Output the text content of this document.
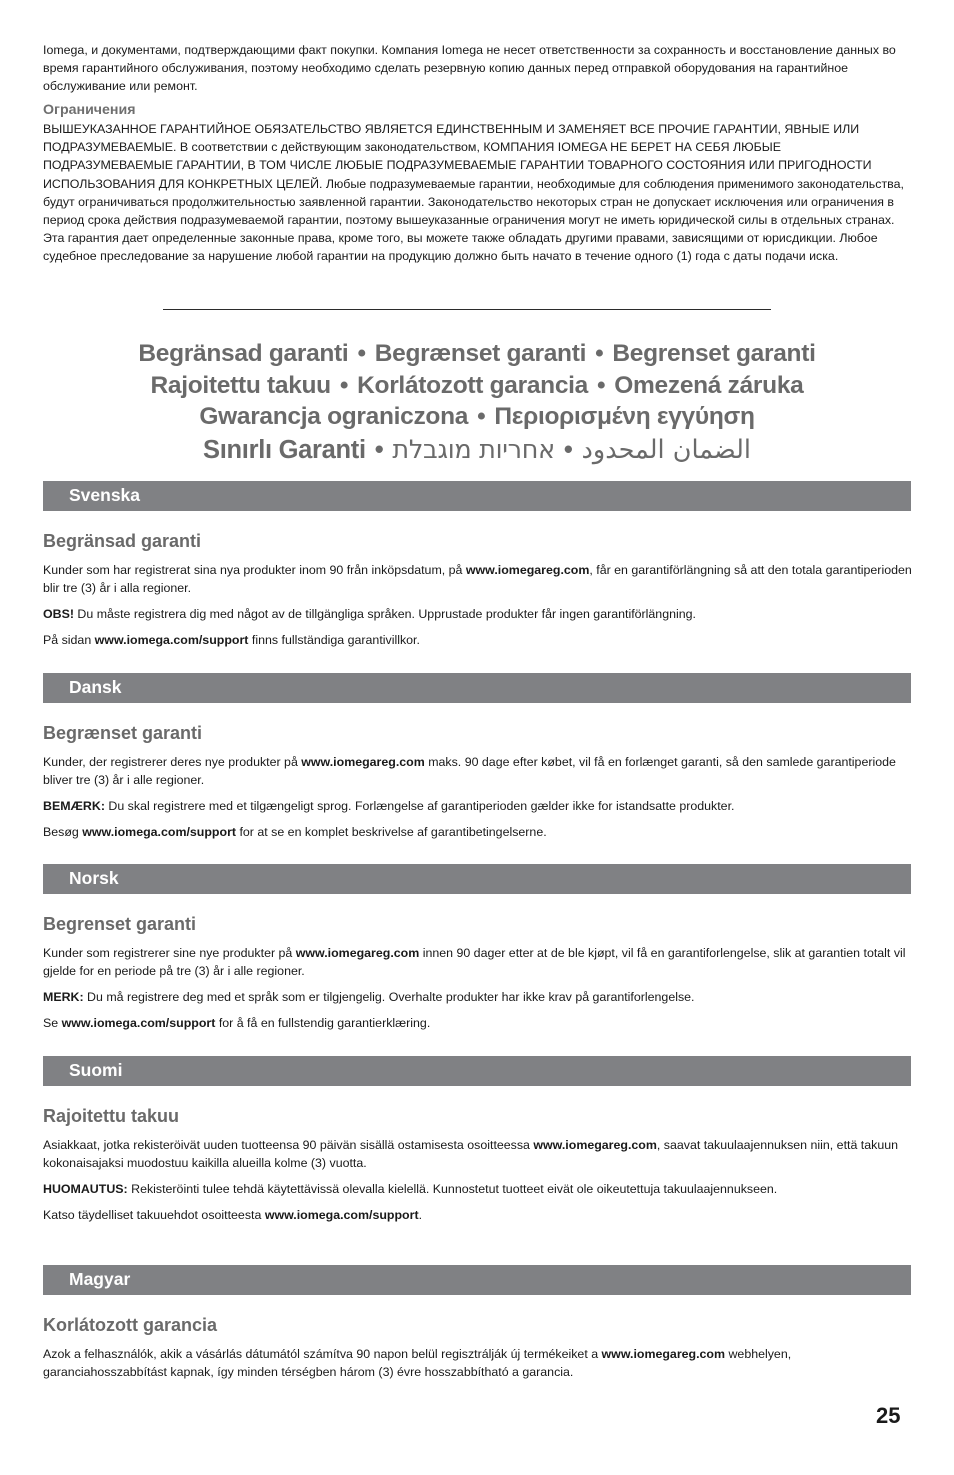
Iomega, и документами, подтверждающими факт покупки. Компания Iomega не несет ответственности за сохранность и восстановление данных во время гарантийного обслуживания, поэтому необходимо сделать резервную копию данных перед отправкой оборудования на гарантийное обслуживание или ремонт.

Ограничения

ВЫШЕУКАЗАННОЕ ГАРАНТИЙНОЕ ОБЯЗАТЕЛЬСТВО ЯВЛЯЕТСЯ ЕДИНСТВЕННЫМ И ЗАМЕНЯЕТ ВСЕ ПРОЧИЕ ГАРАНТИИ, ЯВНЫЕ ИЛИ ПОДРАЗУМЕВАЕМЫЕ. В соответствии с действующим законодательством, КОМПАНИЯ IOMEGA НЕ БЕРЕТ НА СЕБЯ ЛЮБЫЕ ПОДРАЗУМЕВАЕМЫЕ ГАРАНТИИ, В ТОМ ЧИСЛЕ ЛЮБЫЕ ПОДРАЗУМЕВАЕМЫЕ ГАРАНТИИ ТОВАРНОГО СОСТОЯНИЯ ИЛИ ПРИГОДНОСТИ ИСПОЛЬЗОВАНИЯ ДЛЯ КОНКРЕТНЫХ ЦЕЛЕЙ. Любые подразумеваемые гарантии, необходимые для соблюдения применимого законодательства, будут ограничиваться продолжительностью заявленной гарантии. Законодательство некоторых стран не допускает исключения или ограничения в период срока действия подразумеваемой гарантии, поэтому вышеуказанные ограничения могут не иметь юридической силы в отдельных странах. Эта гарантия дает определенные законные права, кроме того, вы можете также обладать другими правами, зависящими от юрисдикции. Любое судебное преследование за нарушение любой гарантии на продукцию должно быть начато в течение одного (1) года с даты подачи иска.

Begränsad garanti • Begrænset garanti • Begrenset garanti
Rajoitettu takuu • Korlátozott garancia • Omezená záruka
Gwarancja ograniczona • Περιορισμένη εγγύηση
Sınırlı Garanti • אחריות מוגבלת • الضمان المحدود
Svenska
Begränsad garanti

Kunder som har registrerat sina nya produkter inom 90 från inköpsdatum, på www.iomegareg.com, får en garantiförlängning så att den totala garantiperioden blir tre (3) år i alla regioner.

OBS! Du måste registrera dig med något av de tillgängliga språken. Upprustade produkter får ingen garantiförlängning.

På sidan www.iomega.com/support finns fullständiga garantivillkor.

Dansk
Begrænset garanti

Kunder, der registrerer deres nye produkter på www.iomegareg.com maks. 90 dage efter købet, vil få en forlænget garanti, så den samlede garantiperiode bliver tre (3) år i alle regioner.

BEMÆRK: Du skal registrere med et tilgængeligt sprog. Forlængelse af garantiperioden gælder ikke for istandsatte produkter.

Besøg www.iomega.com/support for at se en komplet beskrivelse af garantibetingelserne.

Norsk
Begrenset garanti

Kunder som registrerer sine nye produkter på www.iomegareg.com innen 90 dager etter at de ble kjøpt, vil få en garantiforlengelse, slik at garantien totalt vil gjelde for en periode på tre (3) år i alle regioner.

MERK: Du må registrere deg med et språk som er tilgjengelig. Overhalte produkter har ikke krav på garantiforlengelse.

Se www.iomega.com/support for å få en fullstendig garantierklæring.

Suomi
Rajoitettu takuu

Asiakkaat, jotka rekisteröivät uuden tuotteensa 90 päivän sisällä ostamisesta osoitteessa www.iomegareg.com, saavat takuulaajennuksen niin, että takuun kokonaisajaksi muodostuu kaikilla alueilla kolme (3) vuotta.

HUOMAUTUS: Rekisteröinti tulee tehdä käytettävissä olevalla kielellä. Kunnostetut tuotteet eivät ole oikeutettuja takuulaajennukseen.

Katso täydelliset takuuehdot osoitteesta www.iomega.com/support.

Magyar
Korlátozott garancia

Azok a felhasználók, akik a vásárlás dátumától számítva 90 napon belül regisztrálják új termékeiket a www.iomegareg.com webhelyen, garanciahosszabbítást kapnak, így minden térségben három (3) évre hosszabbítható a garancia.

25
